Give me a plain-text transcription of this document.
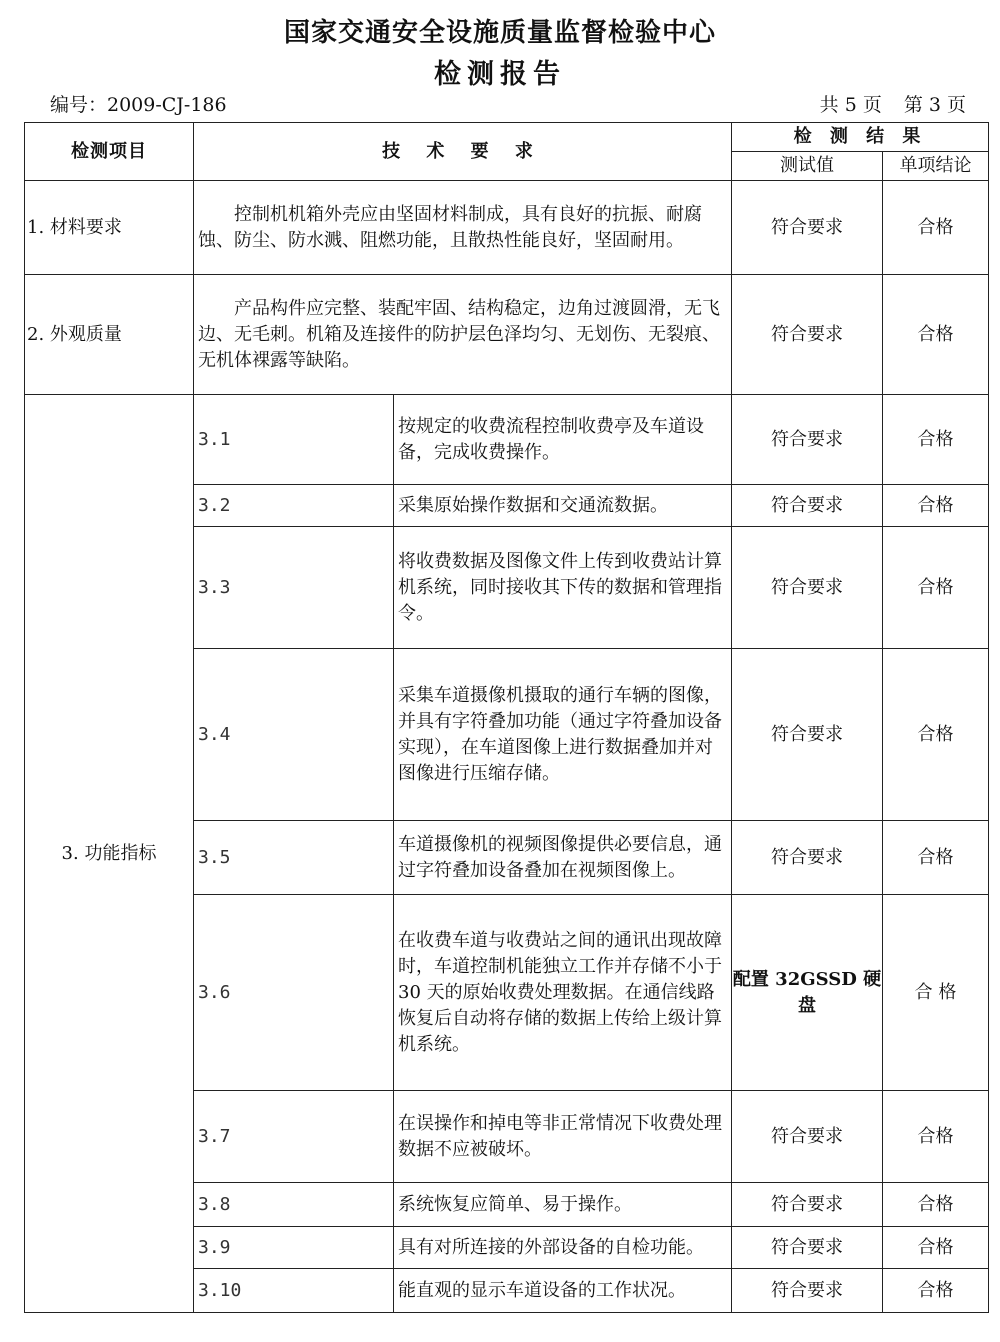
国家交通安全设施质量监督检验中心
检测报告
编号：2009-CJ-186	共 5 页 第 3 页
检测项目	技 术 要 求		检 测 结 果	
			测试值	单项结论
1. 材料要求	控制机机箱外壳应由坚固材料制成，具有良好的抗振、耐腐蚀、防尘、防水溅、阻燃功能，且散热性能良好，坚固耐用。		符合要求	合格
2. 外观质量	产品构件应完整、装配牢固、结构稳定，边角过渡圆滑，无飞边、无毛刺。机箱及连接件的防护层色泽均匀、无划伤、无裂痕、无机体裸露等缺陷。		符合要求	合格
3. 功能指标	3.1	按规定的收费流程控制收费亭及车道设备，完成收费操作。	符合要求	合格
	3.2	采集原始操作数据和交通流数据。	符合要求	合格
	3.3	将收费数据及图像文件上传到收费站计算机系统，同时接收其下传的数据和管理指令。	符合要求	合格
	3.4	采集车道摄像机摄取的通行车辆的图像，并具有字符叠加功能（通过字符叠加设备实现），在车道图像上进行数据叠加并对图像进行压缩存储。	符合要求	合格
	3.5	车道摄像机的视频图像提供必要信息，通过字符叠加设备叠加在视频图像上。	符合要求	合格
	3.6	在收费车道与收费站之间的通讯出现故障时，车道控制机能独立工作并存储不小于 30 天的原始收费处理数据。在通信线路恢复后自动将存储的数据上传给上级计算机系统。	配置 32GSSD 硬盘	合 格
	3.7	在误操作和掉电等非正常情况下收费处理数据不应被破坏。	符合要求	合格
	3.8	系统恢复应简单、易于操作。	符合要求	合格
	3.9	具有对所连接的外部设备的自检功能。	符合要求	合格
	3.10	能直观的显示车道设备的工作状况。	符合要求	合格
